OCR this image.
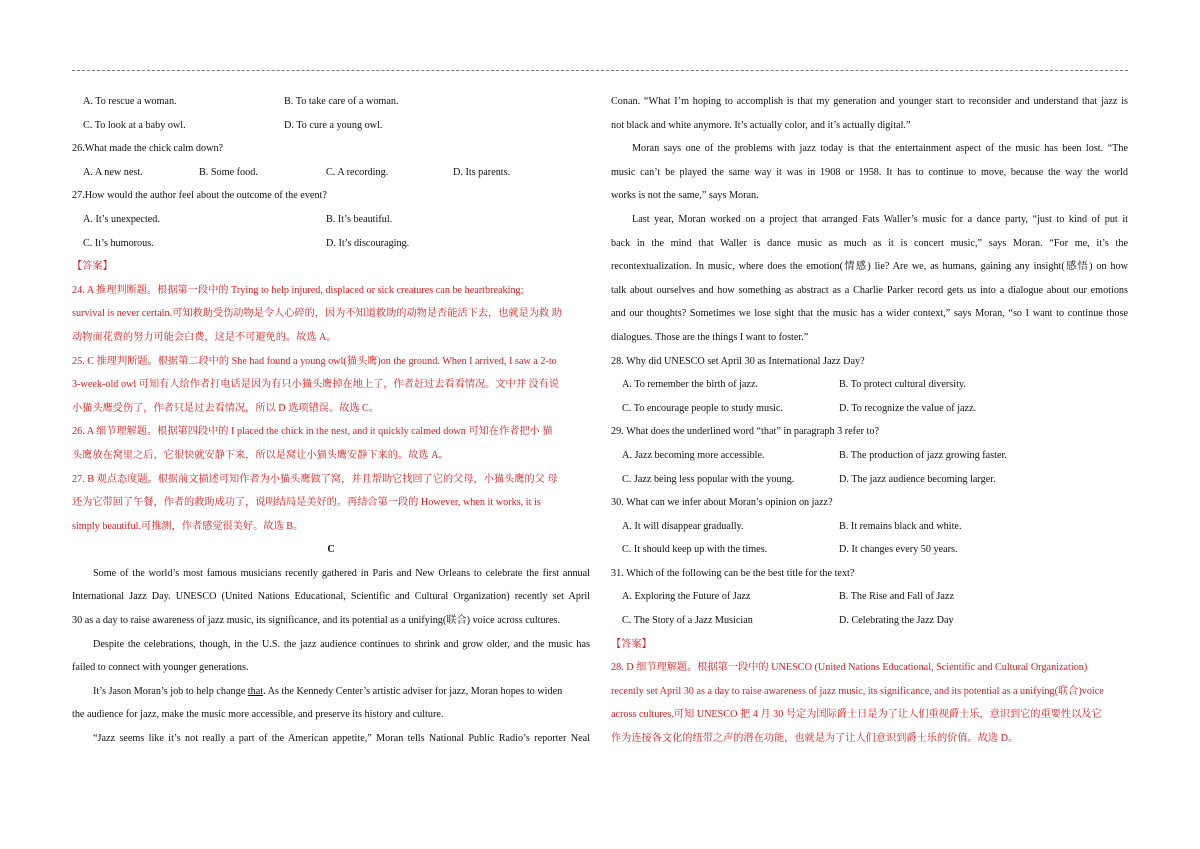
A. To rescue a woman.	B. To take care of a woman.
C. To look at a baby owl.	D. To cure a young owl.
26.What made the chick calm down?
A. A new nest.	B. Some food.	C. A recording.	D. Its parents.
27.How would the author feel about the outcome of the event?
A. It’s unexpected.	B. It’s beautiful.
C. It’s humorous.	D. It’s discouraging.
【答案】
24. A 推理判断题。根据第一段中的 Trying to help injured, displaced or sick creatures can be heartbreaking;
survival is never certain.可知救助受伤动物是令人心碎的，因为不知道救助的动物是否能活下去，也就是为救 助
动物而花费的努力可能会白费，这是不可避免的。故选 A。
25. C 推理判断题。根据第二段中的 She had found a young owl(猫头鹰)on the ground. When I arrived, I saw a 2-to
3-week-old owl 可知有人给作者打电话是因为有只小猫头鹰掉在地上了，作者赶过去看看情况。文中并 没有说
小猫头鹰受伤了，作者只是过去看情况，所以 D 选项错误。故选 C。
26. A 细节理解题。根据第四段中的 I placed the chick in the nest, and it quickly calmed down 可知在作者把小 猫
头鹰放在窝里之后，它很快就安静下来，所以是窝让小猫头鹰安静下来的。故选 A。
27. B 观点态度题。根据前文描述可知作者为小猫头鹰做了窝，并且帮助它找回了它的父母，小猫头鹰的父 母
还为它带回了午餐，作者的救助成功了，说明结局是美好的。再结合第一段的 However, when it works, it is
simply beautiful.可推测，作者感觉很美好。故选 B。
C
Some of the world’s most famous musicians recently gathered in Paris and New Orleans to celebrate the first annual
International Jazz Day. UNESCO (United Nations Educational, Scientific and Cultural Organization) recently set April
30 as a day to raise awareness of jazz music, its significance, and its potential as a unifying(联合) voice across cultures.
Despite the celebrations, though, in the U.S. the jazz audience continues to shrink and grow older, and the music has
failed to connect with younger generations.
It’s Jason Moran’s job to help change that. As the Kennedy Center’s artistic adviser for jazz, Moran hopes to widen
the audience for jazz, make the music more accessible, and preserve its history and culture.
“Jazz seems like it’s not really a part of the American appetite,” Moran tells National Public Radio’s reporter Neal
Conan. “What I’m hoping to accomplish is that my generation and younger start to reconsider and understand that jazz is
not black and white anymore. It’s actually color, and it’s actually digital.”
Moran says one of the problems with jazz today is that the entertainment aspect of the music has been lost. “The
music can’t be played the same way it was in 1908 or 1958. It has to continue to move, because the way the world
works is not the same,” says Moran.
Last year, Moran worked on a project that arranged Fats Waller’s music for a dance party, “just to kind of put it
back in the mind that Waller is dance music as much as it is concert music,” says Moran. “For me, it’s the
recontextualization. In music, where does the emotion(情感) lie? Are we, as humans, gaining any insight(感悟) on how
talk about ourselves and how something as abstract as a Charlie Parker record gets us into a dialogue about our emotions
and our thoughts? Sometimes we lose sight that the music has a wider context,” says Moran, “so I want to continue those
dialogues. Those are the things I want to foster.”
28. Why did UNESCO set April 30 as International Jazz Day?
A. To remember the birth of jazz.	B. To protect cultural diversity.
C. To encourage people to study music.	D. To recognize the value of jazz.
29. What does the underlined word “that” in paragraph 3 refer to?
A. Jazz becoming more accessible.	B. The production of jazz growing faster.
C. Jazz being less popular with the young.	D. The jazz audience becoming larger.
30. What can we infer about Moran’s opinion on jazz?
A. It will disappear gradually.	B. It remains black and white.
C. It should keep up with the times.	D. It changes every 50 years.
31. Which of the following can be the best title for the text?
A. Exploring the Future of Jazz	B. The Rise and Fall of Jazz
C. The Story of a Jazz Musician	D. Celebrating the Jazz Day
【答案】
28. D 细节理解题。根据第一段中的 UNESCO (United Nations Educational, Scientific and Cultural Organization)
recently set April 30 as a day to raise awareness of jazz music, its significance, and its potential as a unifying(联合)voice
across cultures.可知 UNESCO 把 4 月 30 号定为国际爵士日是为了让人们重视爵士乐，意识到它的重要性以及它
作为连接各文化的纽带之声的潜在功能，也就是为了让人们意识到爵士乐的价值。故选 D。
